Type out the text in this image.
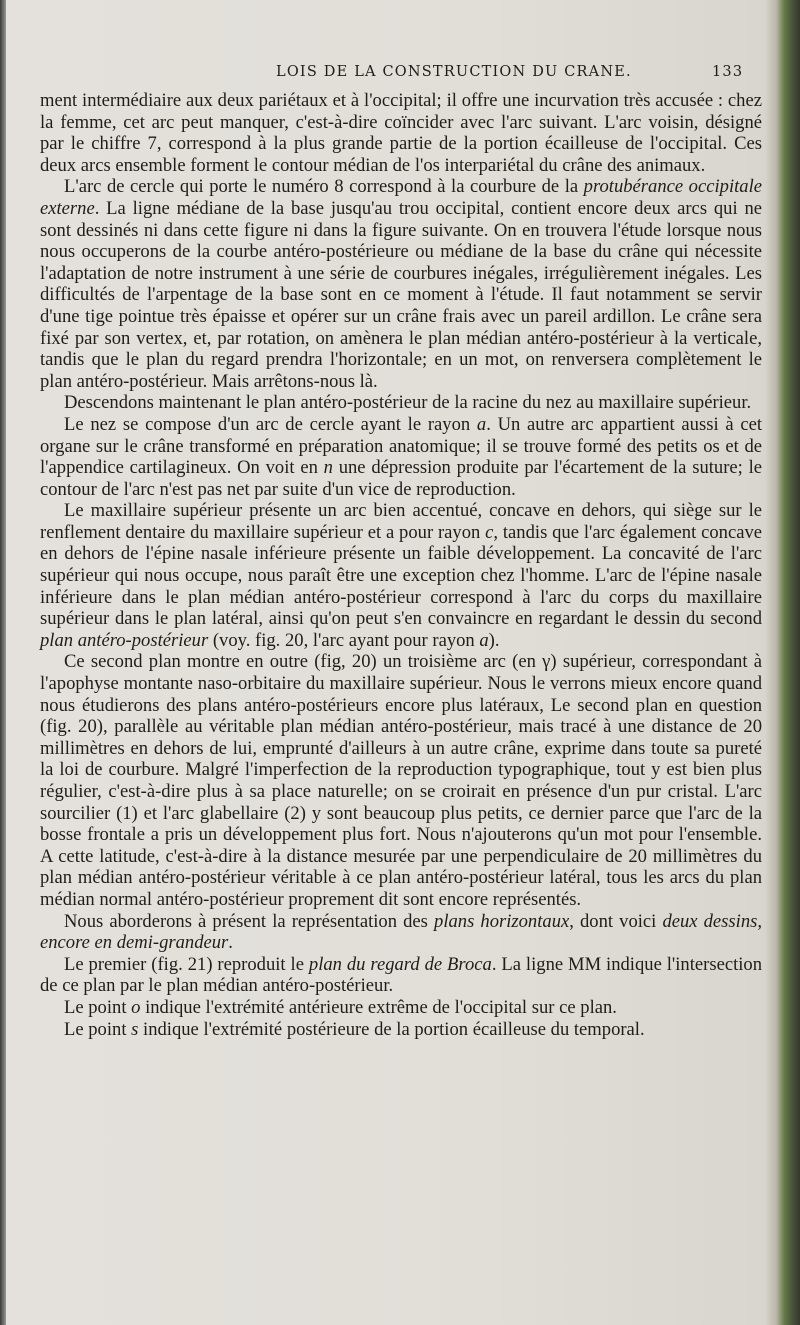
LOIS DE LA CONSTRUCTION DU CRANE.	133

ment intermédiaire aux deux pariétaux et à l'occipital; il offre une incurvation très accusée : chez la femme, cet arc peut manquer, c'est-à-dire coïncider avec l'arc suivant. L'arc voisin, désigné par le chiffre 7, correspond à la plus grande partie de la portion écailleuse de l'occipital. Ces deux arcs ensemble forment le contour médian de l'os interpariétal du crâne des animaux.

L'arc de cercle qui porte le numéro 8 correspond à la courbure de la protubérance occipitale externe. La ligne médiane de la base jusqu'au trou occipital, contient encore deux arcs qui ne sont dessinés ni dans cette figure ni dans la figure suivante. On en trouvera l'étude lorsque nous nous occuperons de la courbe antéro-postérieure ou médiane de la base du crâne qui nécessite l'adaptation de notre instrument à une série de courbures inégales, irrégulièrement inégales. Les difficultés de l'arpentage de la base sont en ce moment à l'étude. Il faut notamment se servir d'une tige pointue très épaisse et opérer sur un crâne frais avec un pareil ardillon. Le crâne sera fixé par son vertex, et, par rotation, on amènera le plan médian antéro-postérieur à la verticale, tandis que le plan du regard prendra l'horizontale; en un mot, on renversera complètement le plan antéro-postérieur. Mais arrêtons-nous là.

Descendons maintenant le plan antéro-postérieur de la racine du nez au maxillaire supérieur.

Le nez se compose d'un arc de cercle ayant le rayon a. Un autre arc appartient aussi à cet organe sur le crâne transformé en préparation anatomique; il se trouve formé des petits os et de l'appendice cartilagineux. On voit en n une dépression produite par l'écartement de la suture; le contour de l'arc n'est pas net par suite d'un vice de reproduction.

Le maxillaire supérieur présente un arc bien accentué, concave en dehors, qui siège sur le renflement dentaire du maxillaire supérieur et a pour rayon c, tandis que l'arc également concave en dehors de l'épine nasale inférieure présente un faible développement. La concavité de l'arc supérieur qui nous occupe, nous paraît être une exception chez l'homme. L'arc de l'épine nasale inférieure dans le plan médian antéro-postérieur correspond à l'arc du corps du maxillaire supérieur dans le plan latéral, ainsi qu'on peut s'en convaincre en regardant le dessin du second plan antéro-postérieur (voy. fig. 20, l'arc ayant pour rayon a).

Ce second plan montre en outre (fig, 20) un troisième arc (en γ) supérieur, correspondant à l'apophyse montante naso-orbitaire du maxillaire supérieur. Nous le verrons mieux encore quand nous étudierons des plans antéro-postérieurs encore plus latéraux, Le second plan en question (fig. 20), parallèle au véritable plan médian antéro-postérieur, mais tracé à une distance de 20 millimètres en dehors de lui, emprunté d'ailleurs à un autre crâne, exprime dans toute sa pureté la loi de courbure. Malgré l'imperfection de la reproduction typographique, tout y est bien plus régulier, c'est-à-dire plus à sa place naturelle; on se croirait en présence d'un pur cristal. L'arc sourcilier (1) et l'arc glabellaire (2) y sont beaucoup plus petits, ce dernier parce que l'arc de la bosse frontale a pris un développement plus fort. Nous n'ajouterons qu'un mot pour l'ensemble. A cette latitude, c'est-à-dire à la distance mesurée par une perpendiculaire de 20 millimètres du plan médian antéro-postérieur véritable à ce plan antéro-postérieur latéral, tous les arcs du plan médian normal antéro-postérieur proprement dit sont encore représentés.

Nous aborderons à présent la représentation des plans horizontaux, dont voici deux dessins, encore en demi-grandeur.

Le premier (fig. 21) reproduit le plan du regard de Broca. La ligne MM indique l'intersection de ce plan par le plan médian antéro-postérieur.

Le point o indique l'extrémité antérieure extrême de l'occipital sur ce plan.

Le point s indique l'extrémité postérieure de la portion écailleuse du temporal.
